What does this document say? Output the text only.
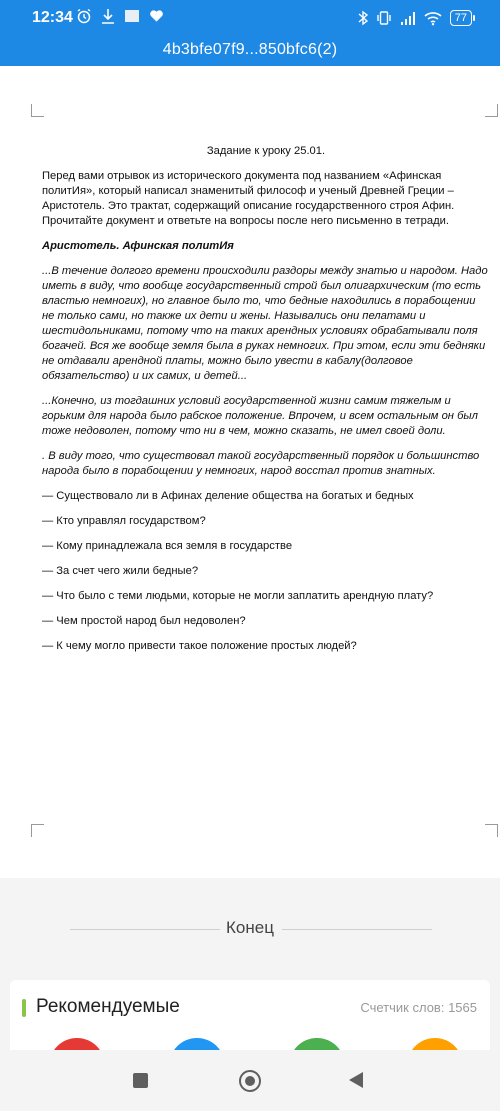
12:34	77
4b3bfe07f9...850bfc6(2)

Задание к уроку 25.01.

Перед вами отрывок из исторического документа под названием «Афинская политИя», который написал знаменитый философ и ученый Древней Греции –Аристотель. Это трактат, содержащий описание государственного строя Афин. Прочитайте документ и ответьте на вопросы после него письменно в тетради.

Аристотель. Афинская политИя

...В течение долгого времени происходили раздоры между знатью и народом. Надо иметь в виду, что вообще государственный строй был олигархическим (то есть властью немногих), но главное было то, что бедные находились в порабощении не только сами, но также их дети и жены. Назывались они пелатами и шестидольниками, потому что на таких арендных условиях обрабатывали поля богачей. Вся же вообще земля была в руках немногих. При этом, если эти бедняки не отдавали арендной платы, можно было увести в кабалу(долговое обязательство) и их самих, и детей...

...Конечно, из тогдашних условий государственной жизни самим тяжелым и горьким для народа было рабское положение. Впрочем, и всем остальным он был тоже недоволен, потому что ни в чем, можно сказать, не имел своей доли.

. В виду того, что существовал такой государственный порядок и большинство народа было в порабощении у немногих, народ восстал против знатных.

— Существовало ли в Афинах деление общества на богатых и бедных
— Кто управлял государством?
— Кому принадлежала вся земля в государстве
— За счет чего жили бедные?
— Что было с теми людьми, которые не могли заплатить арендную плату?
— Чем простой народ был недоволен?
— К чему могло привести такое положение простых людей?
Конец
Рекомендуемые	Счетчик слов: 1565
